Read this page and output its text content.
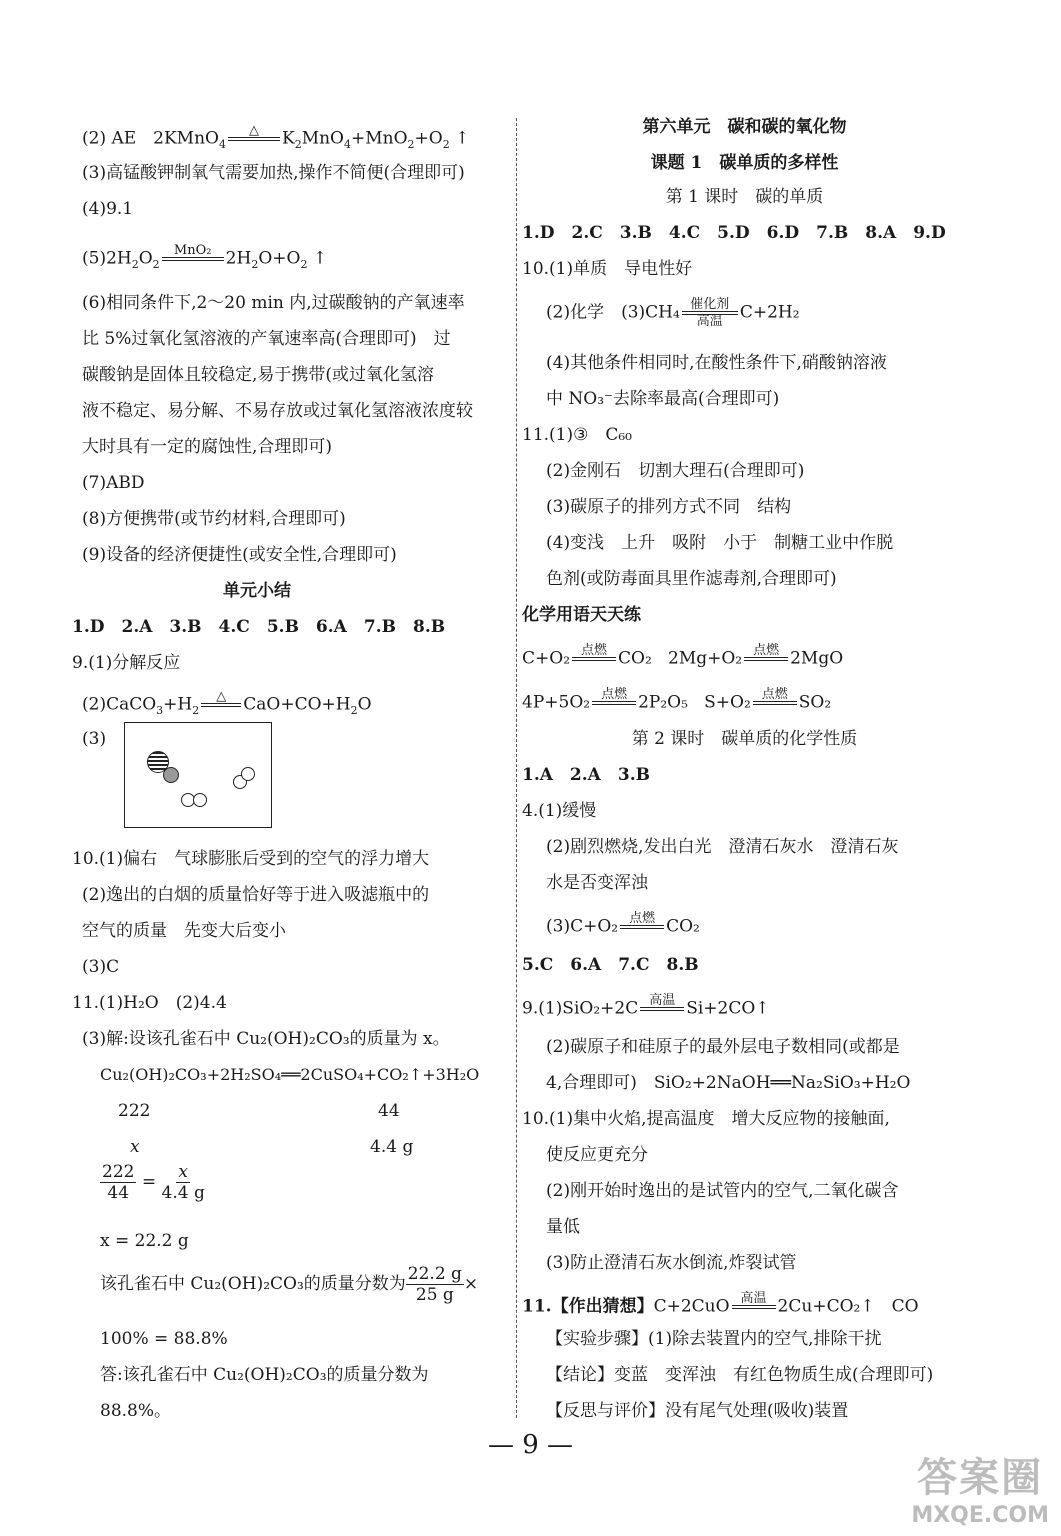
(2) AE　2KMnO$_4$
△
$K_2MnO_4+MnO_2+O_2$ ↑
(3)高锰酸钾制氧气需要加热,操作不简便(合理即可)
(4)9.1
$(5)2H_2O_2$
MnO₂
$2H_2O+O_2$ ↑
(6)相同条件下,2～20 min 内,过碳酸钠的产氧速率
比 5%过氧化氢溶液的产氧速率高(合理即可)　过
碳酸钠是固体且较稳定,易于携带(或过氧化氢溶
液不稳定、易分解、不易存放或过氧化氢溶液浓度较
大时具有一定的腐蚀性,合理即可)
(7)ABD
(8)方便携带(或节约材料,合理即可)
(9)设备的经济便捷性(或安全性,合理即可)
单元小结
1.D　2.A　3.B　4.C　5.B　6.A　7.B　8.B
9.(1)分解反应
$(2)CaCO_3+H_2$
△
$CaO+CO+H_2O$
(3)
10.(1)偏右　气球膨胀后受到的空气的浮力增大
(2)逸出的白烟的质量恰好等于进入吸滤瓶中的
空气的质量　先变大后变小
(3)C
11.(1)H₂O　(2)4.4
(3)解:设该孔雀石中 Cu₂(OH)₂CO₃的质量为 x。
Cu₂(OH)₂CO₃+2H₂SO₄══2CuSO₄+CO₂↑+3H₂O
222	44
x	4.4 g
$\frac{222}{44} = \frac{x}{4.4 g}$
x = 22.2 g
该孔雀石中 Cu₂(OH)₂CO₃的质量分数为 $\frac{22.2 g}{25 g}$ ×
100% = 88.8%
答:该孔雀石中 Cu₂(OH)₂CO₃的质量分数为
88.8%。
第六单元　碳和碳的氧化物
课题 1　碳单质的多样性
第 1 课时　碳的单质
1.D　2.C　3.B　4.C　5.D　6.D　7.B　8.A　9.D
10.(1)单质　导电性好
(2)化学　(3)CH₄ 催化剂
高温 C+2H₂
(4)其他条件相同时,在酸性条件下,硝酸钠溶液
中 NO₃⁻去除率最高(合理即可)
11.(1)③　C₆₀
(2)金刚石　切割大理石(合理即可)
(3)碳原子的排列方式不同　结构
(4)变浅　上升　吸附　小于　制糖工业中作脱
色剂(或防毒面具里作滤毒剂,合理即可)
化学用语天天练
C+O₂ 点燃
CO₂ 2Mg+O₂ 点燃
2MgO
4P+5O₂ 点燃
2P₂O₅ S+O₂ 点燃
SO₂
第 2 课时　碳单质的化学性质
1.A　2.A　3.B
4.(1)缓慢
(2)剧烈燃烧,发出白光　澄清石灰水　澄清石灰
水是否变浑浊
(3)C+O₂ 点燃
CO₂
5.C　6.A　7.C　8.B
9.(1)SiO₂+2C 高温
Si+2CO↑
(2)碳原子和硅原子的最外层电子数相同(或都是
4,合理即可)　SiO₂+2NaOH══Na₂SiO₃+H₂O
10.(1)集中火焰,提高温度　增大反应物的接触面,
使反应更充分
(2)刚开始时逸出的是试管内的空气,二氧化碳含
量低
(3)防止澄清石灰水倒流,炸裂试管
11.【作出猜想】C+2CuO 高温
2Cu+CO₂↑　CO
【实验步骤】(1)除去装置内的空气,排除干扰
【结论】变蓝　变浑浊　有红色物质生成(合理即可)
【反思与评价】没有尾气处理(吸收)装置
— 9 —
答案圈
MXQE.COM
